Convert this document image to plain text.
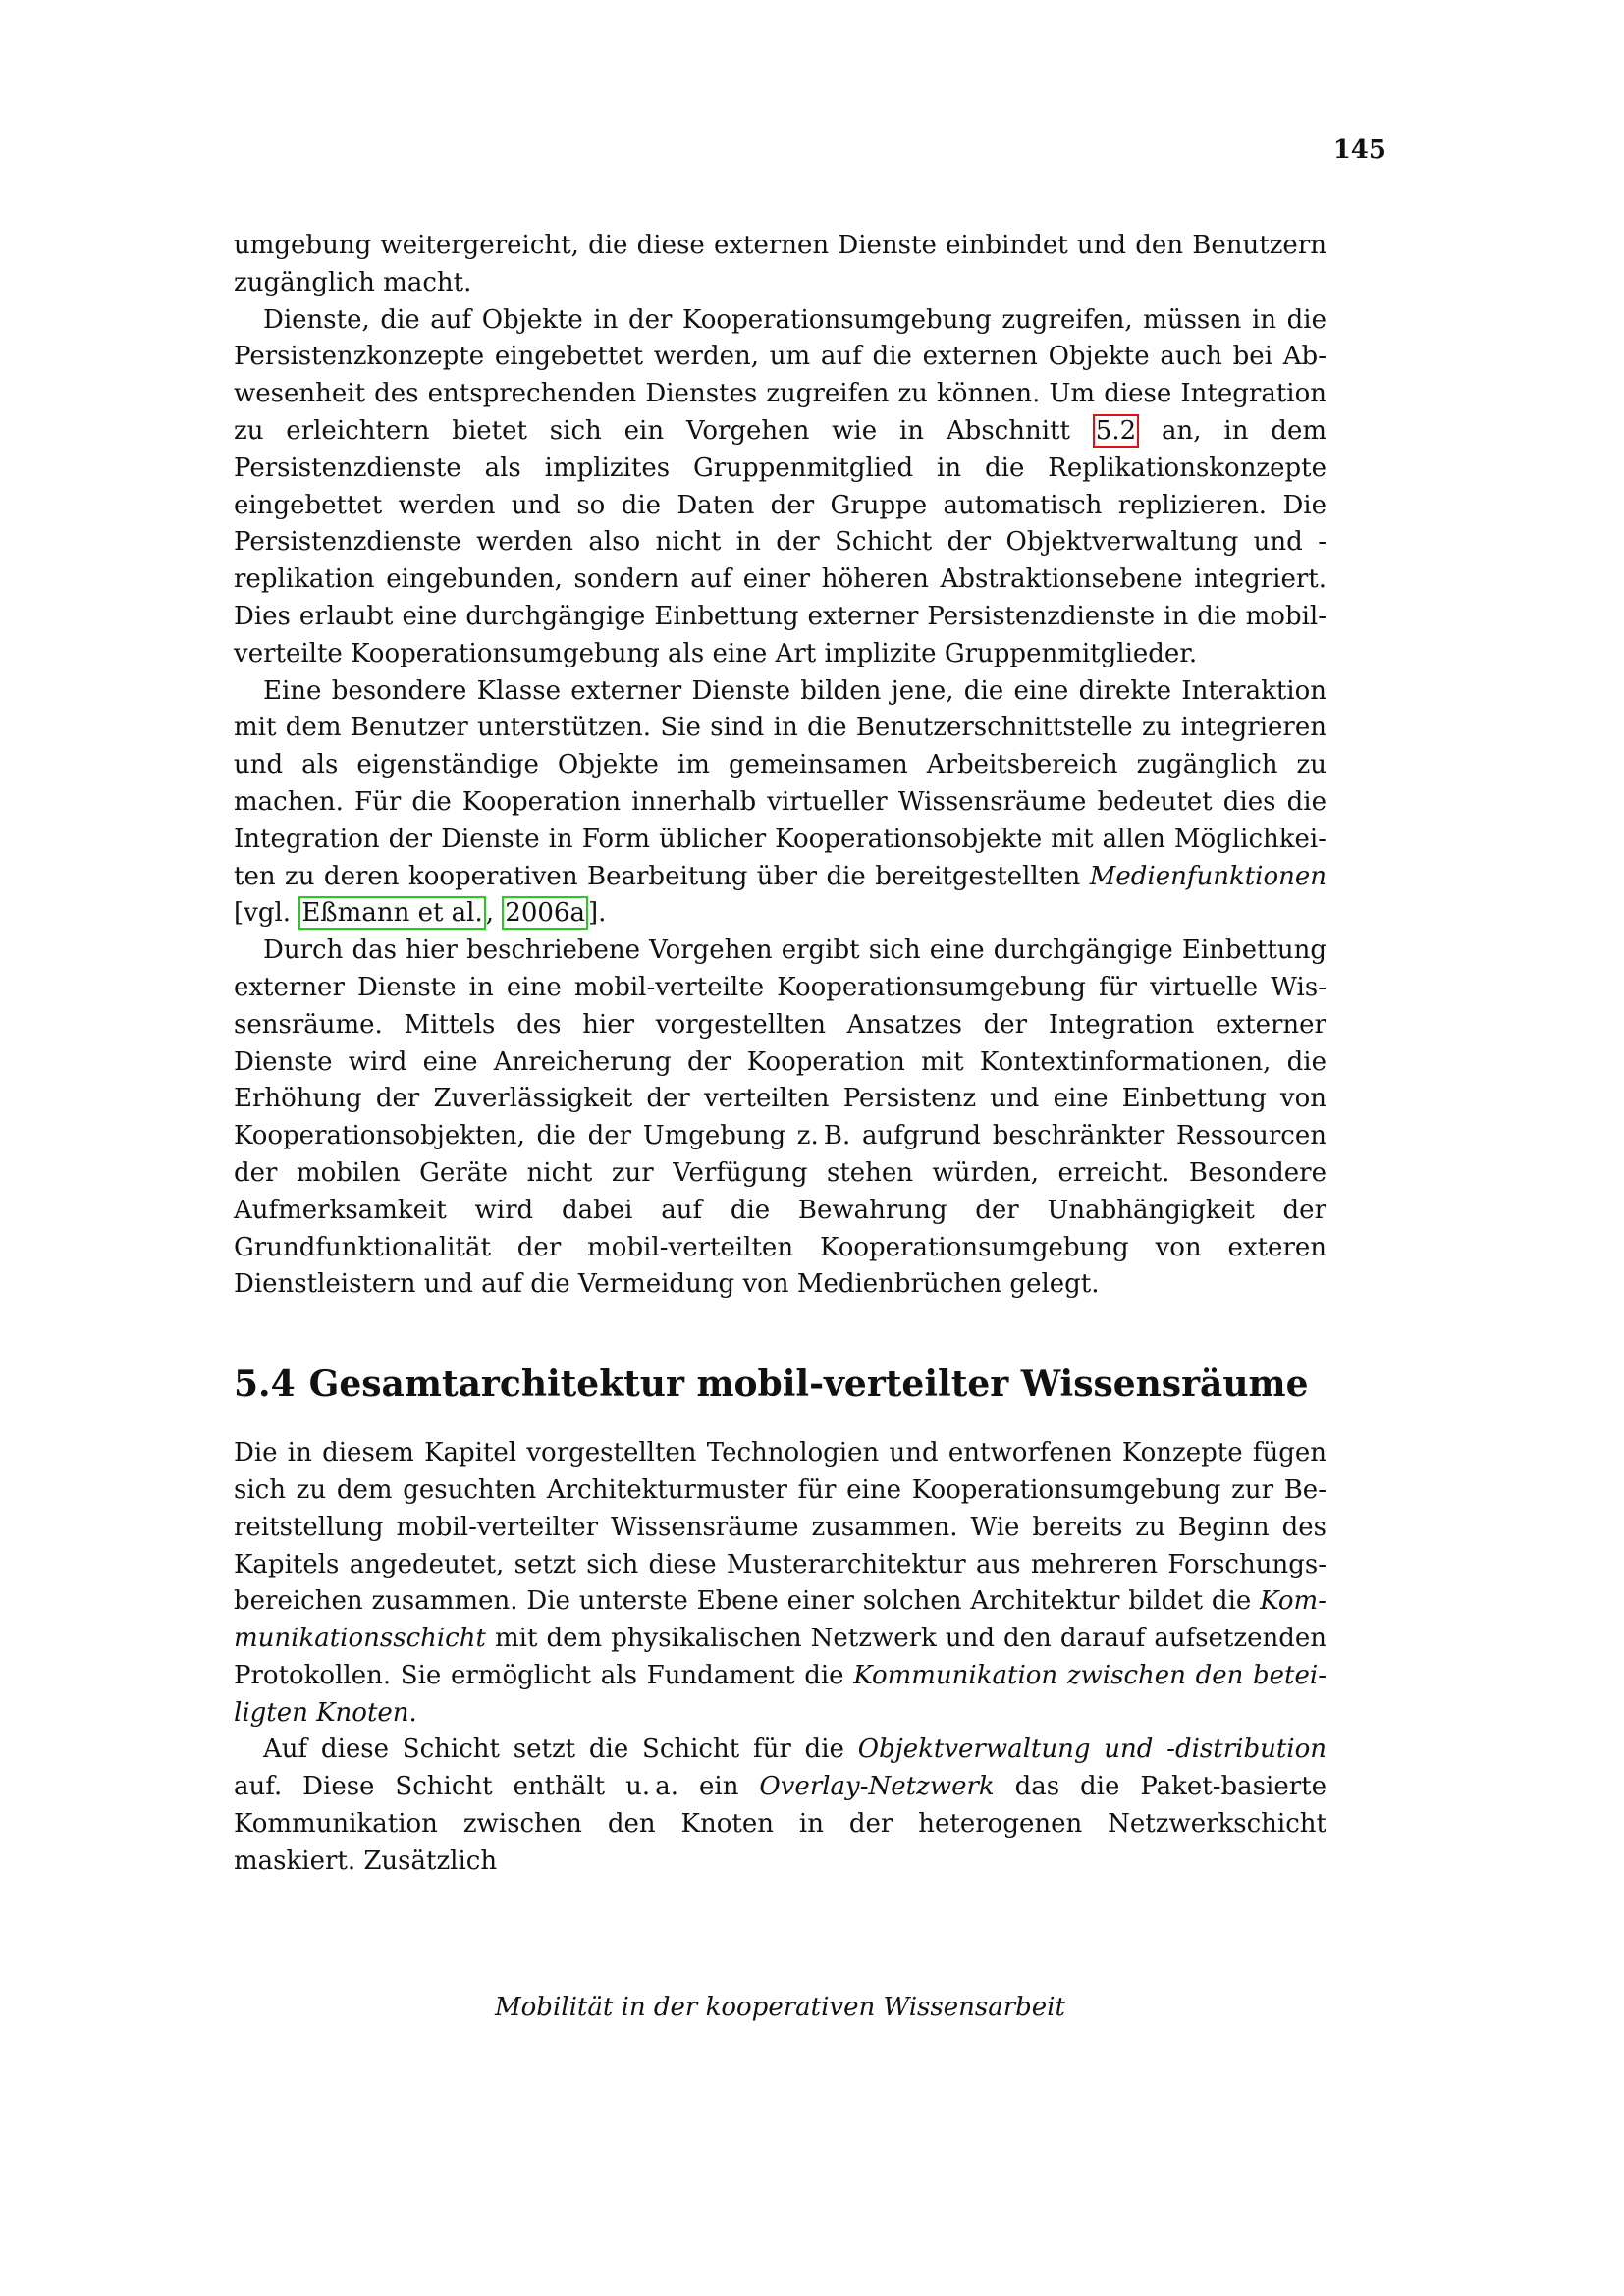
145

umgebung weitergereicht, die diese externen Dienste einbindet und den Benutzern zugänglich macht.

Dienste, die auf Objekte in der Kooperationsumgebung zugreifen, müssen in die Persistenzkonzepte eingebettet werden, um auf die externen Objekte auch bei Abwesenheit des entsprechenden Dienstes zugreifen zu können. Um diese Integration zu erleichtern bietet sich ein Vorgehen wie in Abschnitt 5.2 an, in dem Persistenzdienste als implizites Gruppenmitglied in die Replikationskonzepte eingebettet werden und so die Daten der Gruppe automatisch replizieren. Die Persistenzdienste werden also nicht in der Schicht der Objektverwaltung und -replikation eingebunden, sondern auf einer höheren Abstraktionsebene integriert. Dies erlaubt eine durchgängige Einbettung externer Persistenzdienste in die mobil-verteilte Kooperationsumgebung als eine Art implizite Gruppenmitglieder.

Eine besondere Klasse externer Dienste bilden jene, die eine direkte Interaktion mit dem Benutzer unterstützen. Sie sind in die Benutzerschnittstelle zu integrieren und als eigenständige Objekte im gemeinsamen Arbeitsbereich zugänglich zu machen. Für die Kooperation innerhalb virtueller Wissensräume bedeutet dies die Integration der Dienste in Form üblicher Kooperationsobjekte mit allen Möglichkeiten zu deren kooperativen Bearbeitung über die bereitgestellten Medienfunktionen [vgl. Eßmann et al. , 2006a ].

Durch das hier beschriebene Vorgehen ergibt sich eine durchgängige Einbettung externer Dienste in eine mobil-verteilte Kooperationsumgebung für virtuelle Wissensräume. Mittels des hier vorgestellten Ansatzes der Integration externer Dienste wird eine Anreicherung der Kooperation mit Kontextinformationen, die Erhöhung der Zuverlässigkeit der verteilten Persistenz und eine Einbettung von Kooperationsobjekten, die der Umgebung z. B. aufgrund beschränkter Ressourcen der mobilen Geräte nicht zur Verfügung stehen würden, erreicht. Besondere Aufmerksamkeit wird dabei auf die Bewahrung der Unabhängigkeit der Grundfunktionalität der mobil-verteilten Kooperationsumgebung von exteren Dienstleistern und auf die Vermeidung von Medienbrüchen gelegt.

5.4 Gesamtarchitektur mobil-verteilter Wissensräume

Die in diesem Kapitel vorgestellten Technologien und entworfenen Konzepte fügen sich zu dem gesuchten Architekturmuster für eine Kooperationsumgebung zur Bereitstellung mobil-verteilter Wissensräume zusammen. Wie bereits zu Beginn des Kapitels angedeutet, setzt sich diese Musterarchitektur aus mehreren Forschungsbereichen zusammen. Die unterste Ebene einer solchen Architektur bildet die Kommunikationsschicht mit dem physikalischen Netzwerk und den darauf aufsetzenden Protokollen. Sie ermöglicht als Fundament die Kommunikation zwischen den beteiligten Knoten.

Auf diese Schicht setzt die Schicht für die Objektverwaltung und -distribution auf. Diese Schicht enthält u. a. ein Overlay-Netzwerk das die Paket-basierte Kommunikation zwischen den Knoten in der heterogenen Netzwerkschicht maskiert. Zusätzlich

Mobilität in der kooperativen Wissensarbeit
